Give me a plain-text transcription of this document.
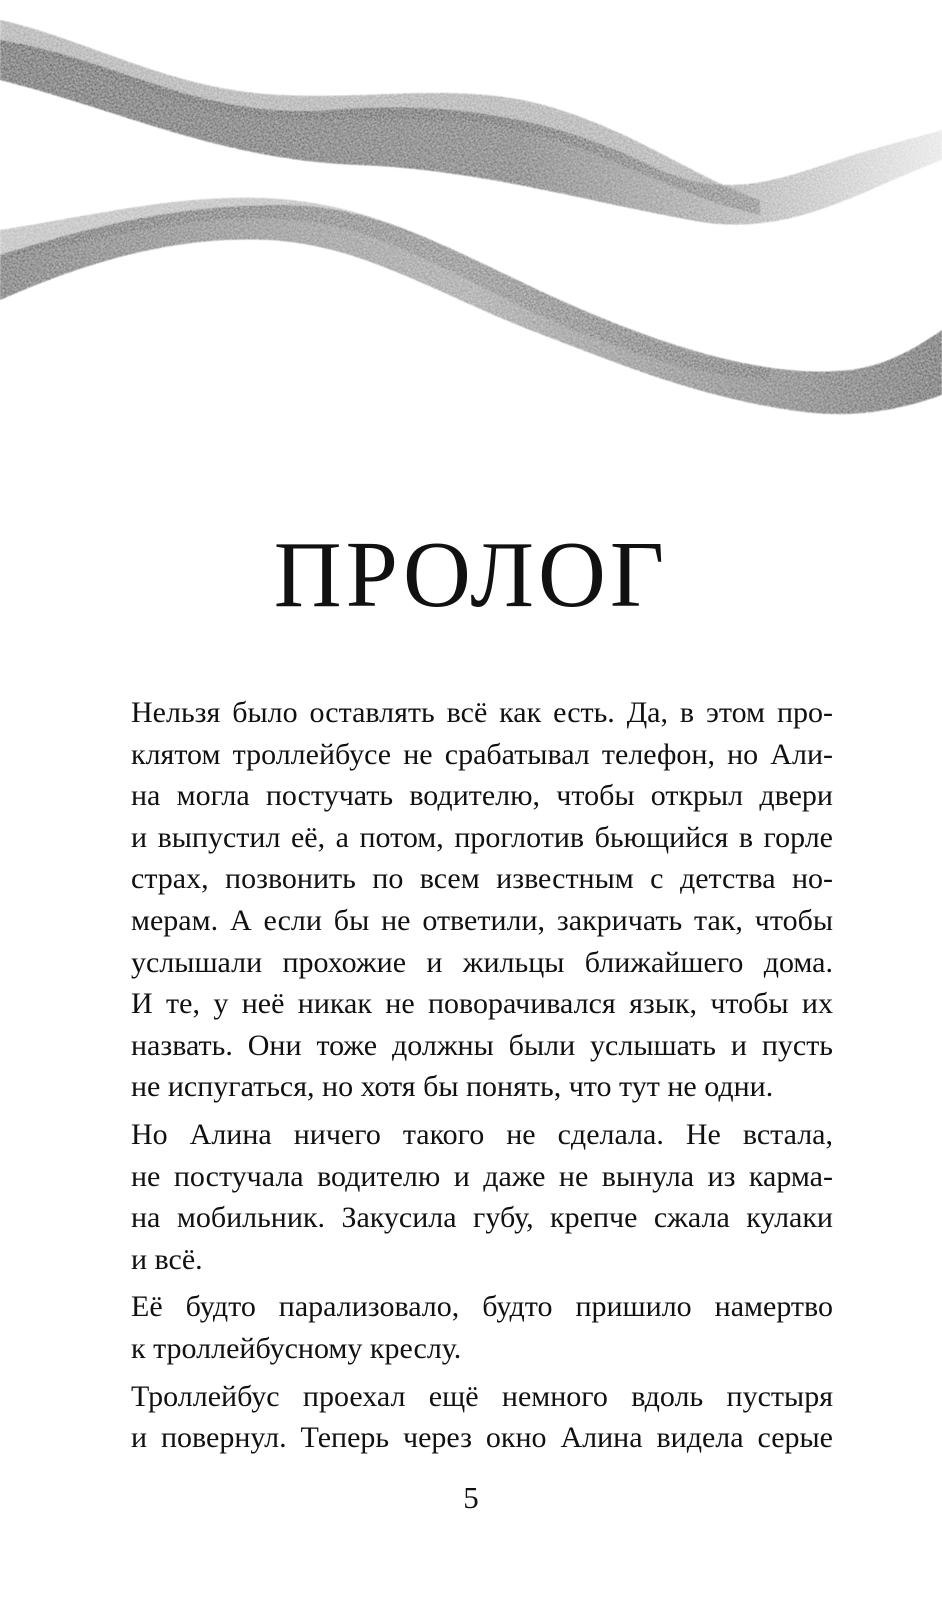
ПРОЛОГ

Нельзя было оставлять всё как есть. Да, в этом про-
клятом троллейбусе не срабатывал телефон, но Али-
на могла постучать водителю, чтобы открыл двери
и выпустил её, а потом, проглотив бьющийся в горле
страх, позвонить по всем известным с детства но-
мерам. А если бы не ответили, закричать так, чтобы
услышали прохожие и жильцы ближайшего дома.
И те, у неё никак не поворачивался язык, чтобы их
назвать. Они тоже должны были услышать и пусть
не испугаться, но хотя бы понять, что тут не одни.

Но Алина ничего такого не сделала. Не встала,
не постучала водителю и даже не вынула из карма-
на мобильник. Закусила губу, крепче сжала кулаки
и всё.

Её будто парализовало, будто пришило намертво
к троллейбусному креслу.

Троллейбус проехал ещё немного вдоль пустыря
и повернул. Теперь через окно Алина видела серые

5
